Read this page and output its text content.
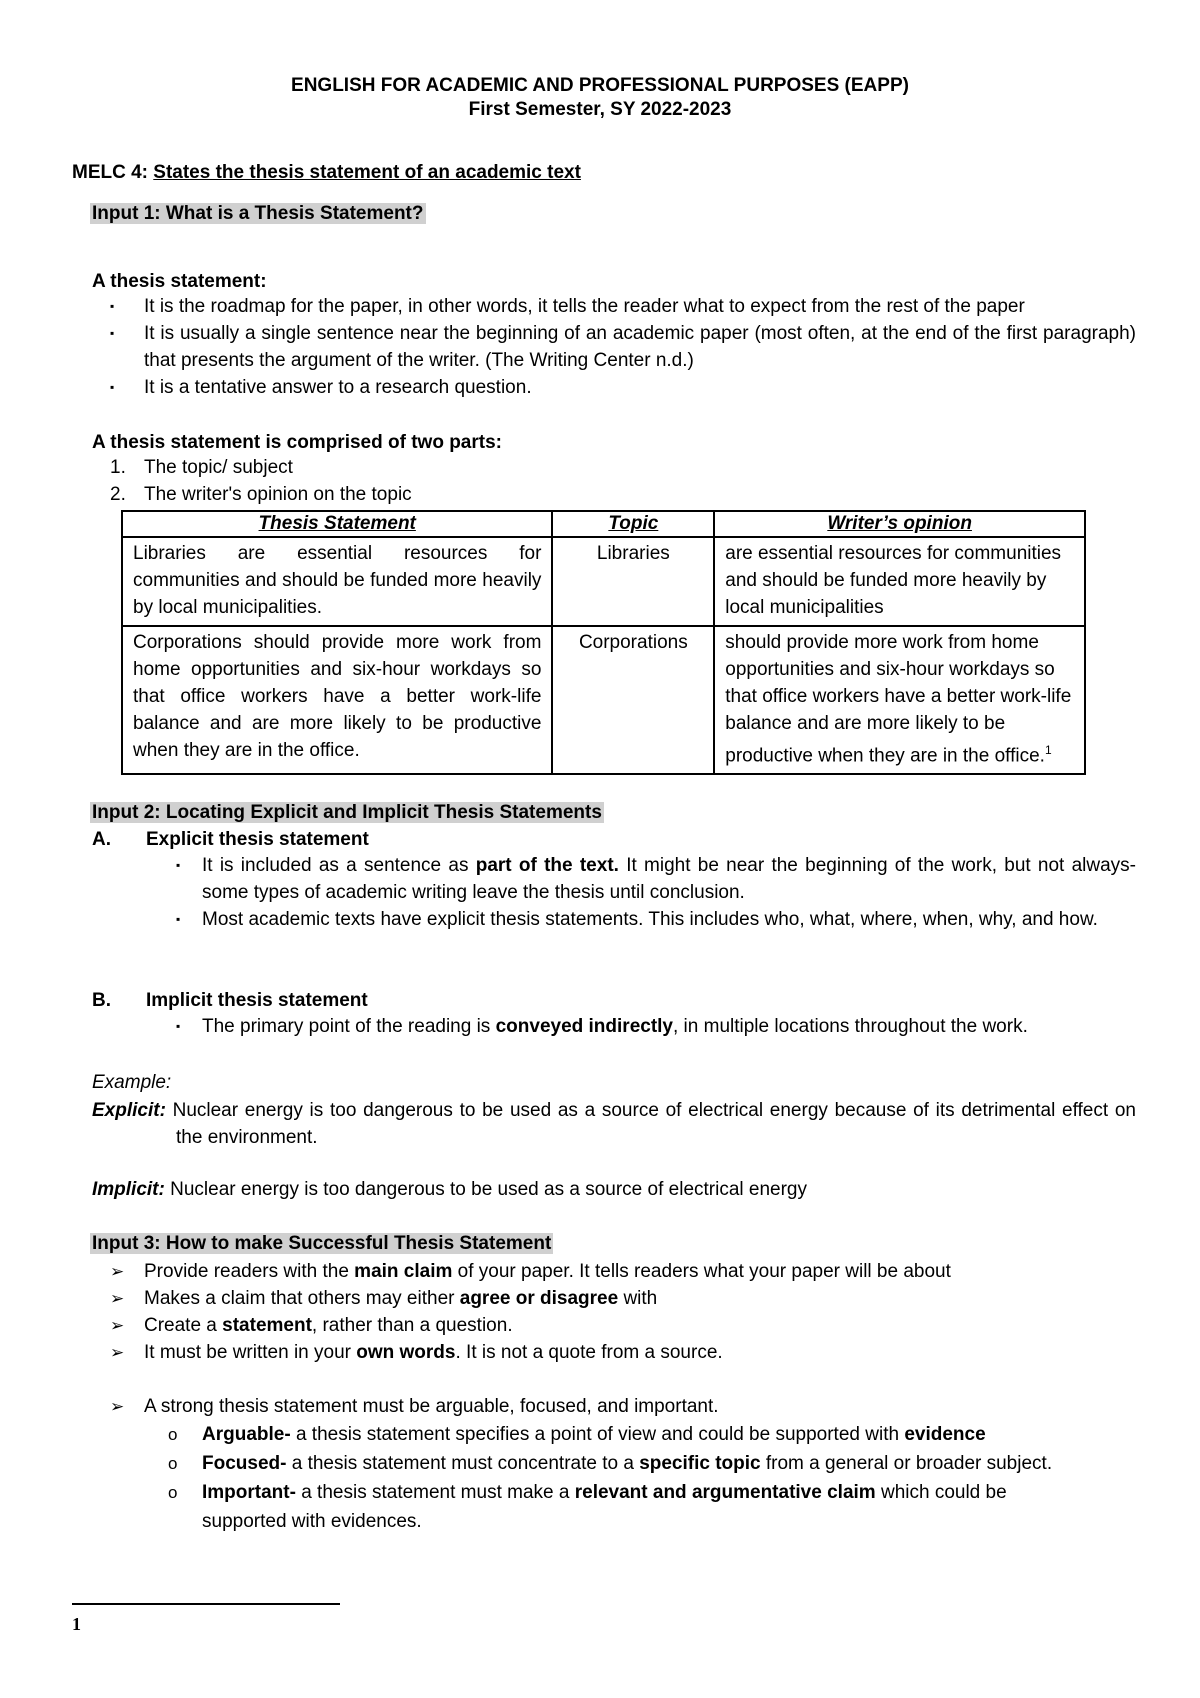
ENGLISH FOR ACADEMIC AND PROFESSIONAL PURPOSES (EAPP)
First Semester, SY 2022-2023
MELC 4: States the thesis statement of an academic text
Input 1: What is a Thesis Statement?
A thesis statement:
▪ It is the roadmap for the paper, in other words, it tells the reader what to expect from the rest of the paper
▪ It is usually a single sentence near the beginning of an academic paper (most often, at the end of the first paragraph) that presents the argument of the writer. (The Writing Center n.d.)
▪ It is a tentative answer to a research question.
A thesis statement is comprised of two parts:
1. The topic/ subject
2. The writer's opinion on the topic
Thesis Statement	Topic	Writer’s opinion
Libraries are essential resources for communities and should be funded more heavily by local municipalities.	Libraries	are essential resources for communities and should be funded more heavily by local municipalities
Corporations should provide more work from home opportunities and six-hour workdays so that office workers have a better work-life balance and are more likely to be productive when they are in the office.	Corporations	should provide more work from home opportunities and six-hour workdays so that office workers have a better work-life balance and are more likely to be productive when they are in the office.$^1$
Input 2: Locating Explicit and Implicit Thesis Statements
A. Explicit thesis statement
▪ It is included as a sentence as part of the text. It might be near the beginning of the work, but not always-some types of academic writing leave the thesis until conclusion.
▪ Most academic texts have explicit thesis statements. This includes who, what, where, when, why, and how.
B. Implicit thesis statement
▪ The primary point of the reading is conveyed indirectly, in multiple locations throughout the work.
Example:
Explicit: Nuclear energy is too dangerous to be used as a source of electrical energy because of its detrimental effect on the environment.
Implicit: Nuclear energy is too dangerous to be used as a source of electrical energy
Input 3: How to make Successful Thesis Statement
➢ Provide readers with the main claim of your paper. It tells readers what your paper will be about
➢ Makes a claim that others may either agree or disagree with
➢ Create a statement, rather than a question.
➢ It must be written in your own words. It is not a quote from a source.
➢ A strong thesis statement must be arguable, focused, and important.
o Arguable- a thesis statement specifies a point of view and could be supported with evidence
o Focused- a thesis statement must concentrate to a specific topic from a general or broader subject.
o Important- a thesis statement must make a relevant and argumentative claim which could be supported with evidences.
1
